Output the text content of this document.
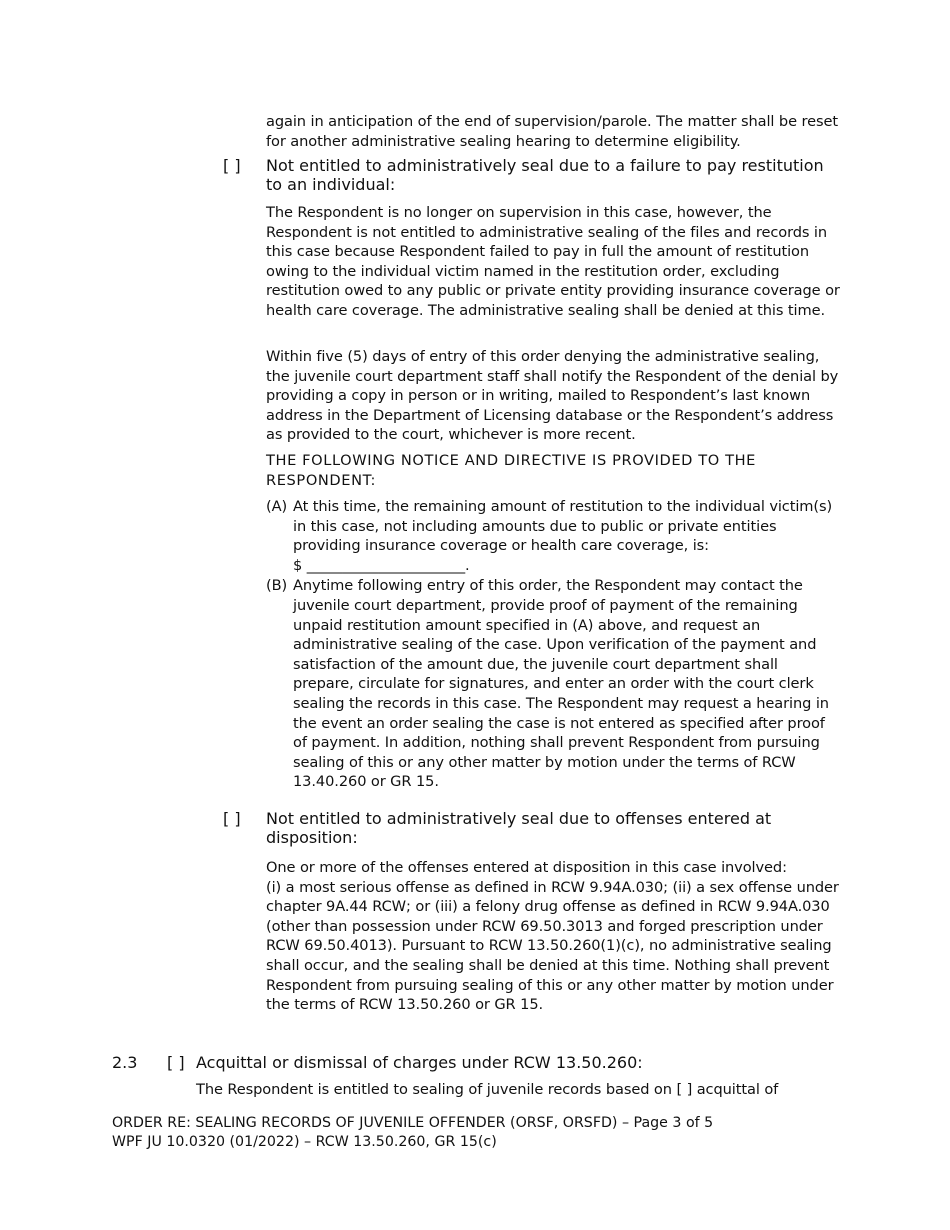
again in anticipation of the end of supervision/parole. The matter shall be reset for another administrative sealing hearing to determine eligibility.
[ ] Not entitled to administratively seal due to a failure to pay restitution to an individual:
The Respondent is no longer on supervision in this case, however, the Respondent is not entitled to administrative sealing of the files and records in this case because Respondent failed to pay in full the amount of restitution owing to the individual victim named in the restitution order, excluding restitution owed to any public or private entity providing insurance coverage or health care coverage. The administrative sealing shall be denied at this time.
Within five (5) days of entry of this order denying the administrative sealing, the juvenile court department staff shall notify the Respondent of the denial by providing a copy in person or in writing, mailed to Respondent’s last known address in the Department of Licensing database or the Respondent’s address as provided to the court, whichever is more recent.
THE FOLLOWING NOTICE AND DIRECTIVE IS PROVIDED TO THE RESPONDENT:
(A) At this time, the remaining amount of restitution to the individual victim(s) in this case, not including amounts due to public or private entities providing insurance coverage or health care coverage, is:
$ ______________________.
(B) Anytime following entry of this order, the Respondent may contact the juvenile court department, provide proof of payment of the remaining unpaid restitution amount specified in (A) above, and request an administrative sealing of the case. Upon verification of the payment and satisfaction of the amount due, the juvenile court department shall prepare, circulate for signatures, and enter an order with the court clerk sealing the records in this case. The Respondent may request a hearing in the event an order sealing the case is not entered as specified after proof of payment. In addition, nothing shall prevent Respondent from pursuing sealing of this or any other matter by motion under the terms of RCW 13.40.260 or GR 15.
[ ] Not entitled to administratively seal due to offenses entered at disposition:
One or more of the offenses entered at disposition in this case involved:
(i) a most serious offense as defined in RCW 9.94A.030; (ii) a sex offense under chapter 9A.44 RCW; or (iii) a felony drug offense as defined in RCW 9.94A.030 (other than possession under RCW 69.50.3013 and forged prescription under RCW 69.50.4013). Pursuant to RCW 13.50.260(1)(c), no administrative sealing shall occur, and the sealing shall be denied at this time. Nothing shall prevent Respondent from pursuing sealing of this or any other matter by motion under the terms of RCW 13.50.260 or GR 15.
2.3 [ ] Acquittal or dismissal of charges under RCW 13.50.260:
The Respondent is entitled to sealing of juvenile records based on [ ] acquittal of
ORDER RE: SEALING RECORDS OF JUVENILE OFFENDER (ORSF, ORSFD) – Page 3 of 5
WPF JU 10.0320 (01/2022) – RCW 13.50.260, GR 15(c)
